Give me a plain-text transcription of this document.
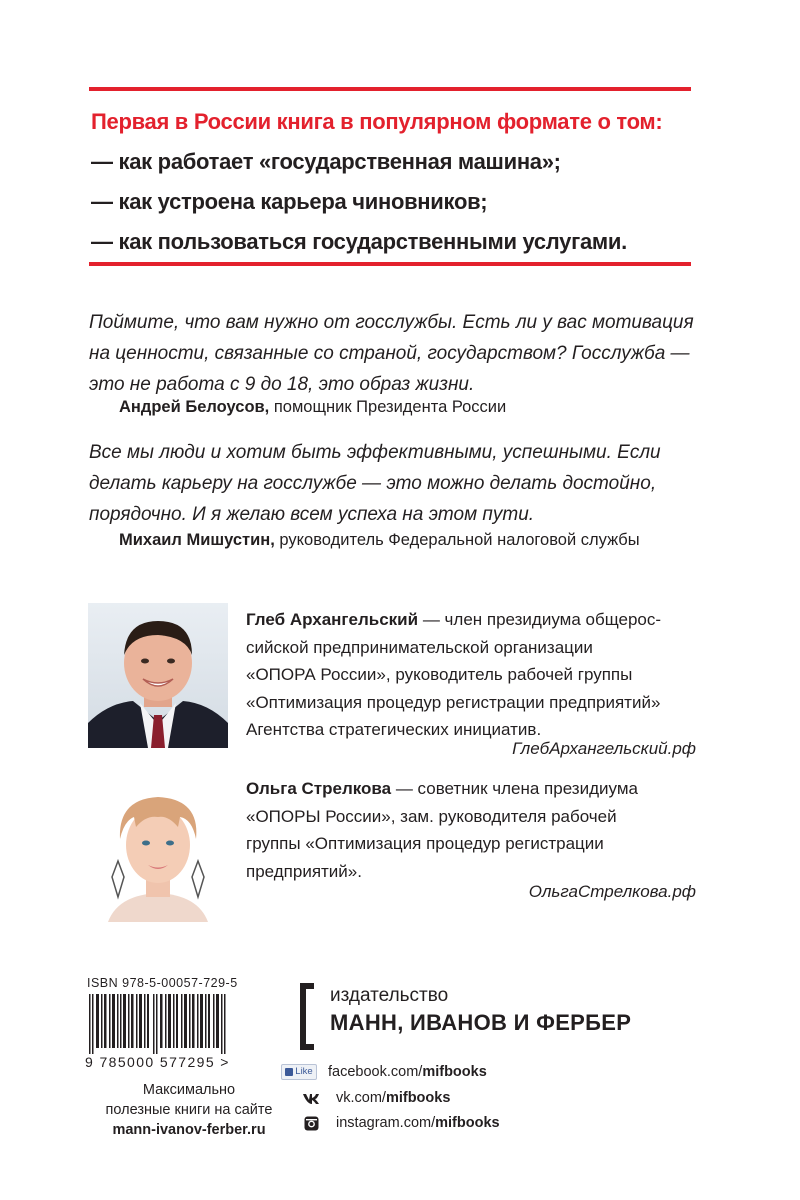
Первая в России книга в популярном формате о том:
— как работает «государственная машина»;
— как устроена карьера чиновников;
— как пользоваться государственными услугами.
Поймите, что вам нужно от госслужбы. Есть ли у вас мотивация
на ценности, связанные со страной, государством? Госслужба —
это не работа с 9 до 18, это образ жизни.
Андрей Белоусов, помощник Президента России
Все мы люди и хотим быть эффективными, успешными. Если
делать карьеру на госслужбе — это можно делать достойно,
порядочно. И я желаю всем успеха на этом пути.
Михаил Мишустин, руководитель Федеральной налоговой службы
Глеб Архангельский — член президиума общерос-
сийской предпринимательской организации
«ОПОРА России», руководитель рабочей группы
«Оптимизация процедур регистрации предприятий»
Агентства стратегических инициатив.
ГлебАрхангельский.рф
Ольга Стрелкова — советник члена президиума
«ОПОРЫ России», зам. руководителя рабочей
группы «Оптимизация процедур регистрации
предприятий».
ОльгаСтрелкова.рф
ISBN 978-5-00057-729-5
9 785000 577295 >
Максимально
полезные книги на сайте
mann-ivanov-ferber.ru
издательство
МАНН, ИВАНОВ И ФЕРБЕР
Like facebook.com/ mifbooks
vk.com/ mifbooks
instagram.com/ mifbooks
